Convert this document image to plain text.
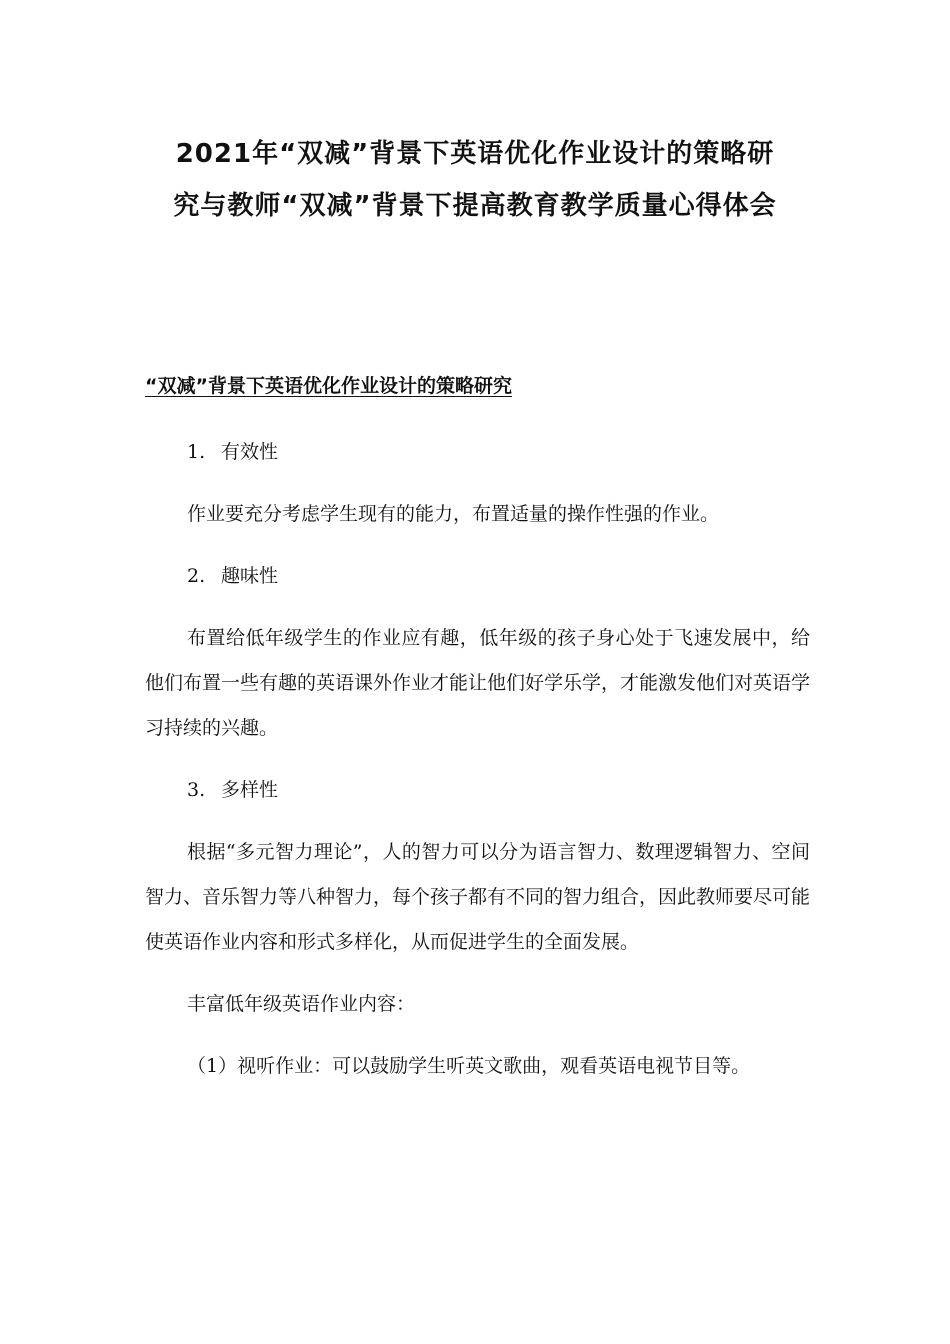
2021年“双减”背景下英语优化作业设计的策略研
究与教师“双减”背景下提高教育教学质量心得体会
“双减”背景下英语优化作业设计的策略研究

1. 有效性

作业要充分考虑学生现有的能力，布置适量的操作性强的作业。

2. 趣味性

布置给低年级学生的作业应有趣，低年级的孩子身心处于飞速发展中，给他们布置一些有趣的英语课外作业才能让他们好学乐学，才能激发他们对英语学习持续的兴趣。

3. 多样性

根据“多元智力理论”，人的智力可以分为语言智力、数理逻辑智力、空间智力、音乐智力等八种智力，每个孩子都有不同的智力组合，因此教师要尽可能使英语作业内容和形式多样化，从而促进学生的全面发展。

丰富低年级英语作业内容：

（1）视听作业：可以鼓励学生听英文歌曲，观看英语电视节目等。
